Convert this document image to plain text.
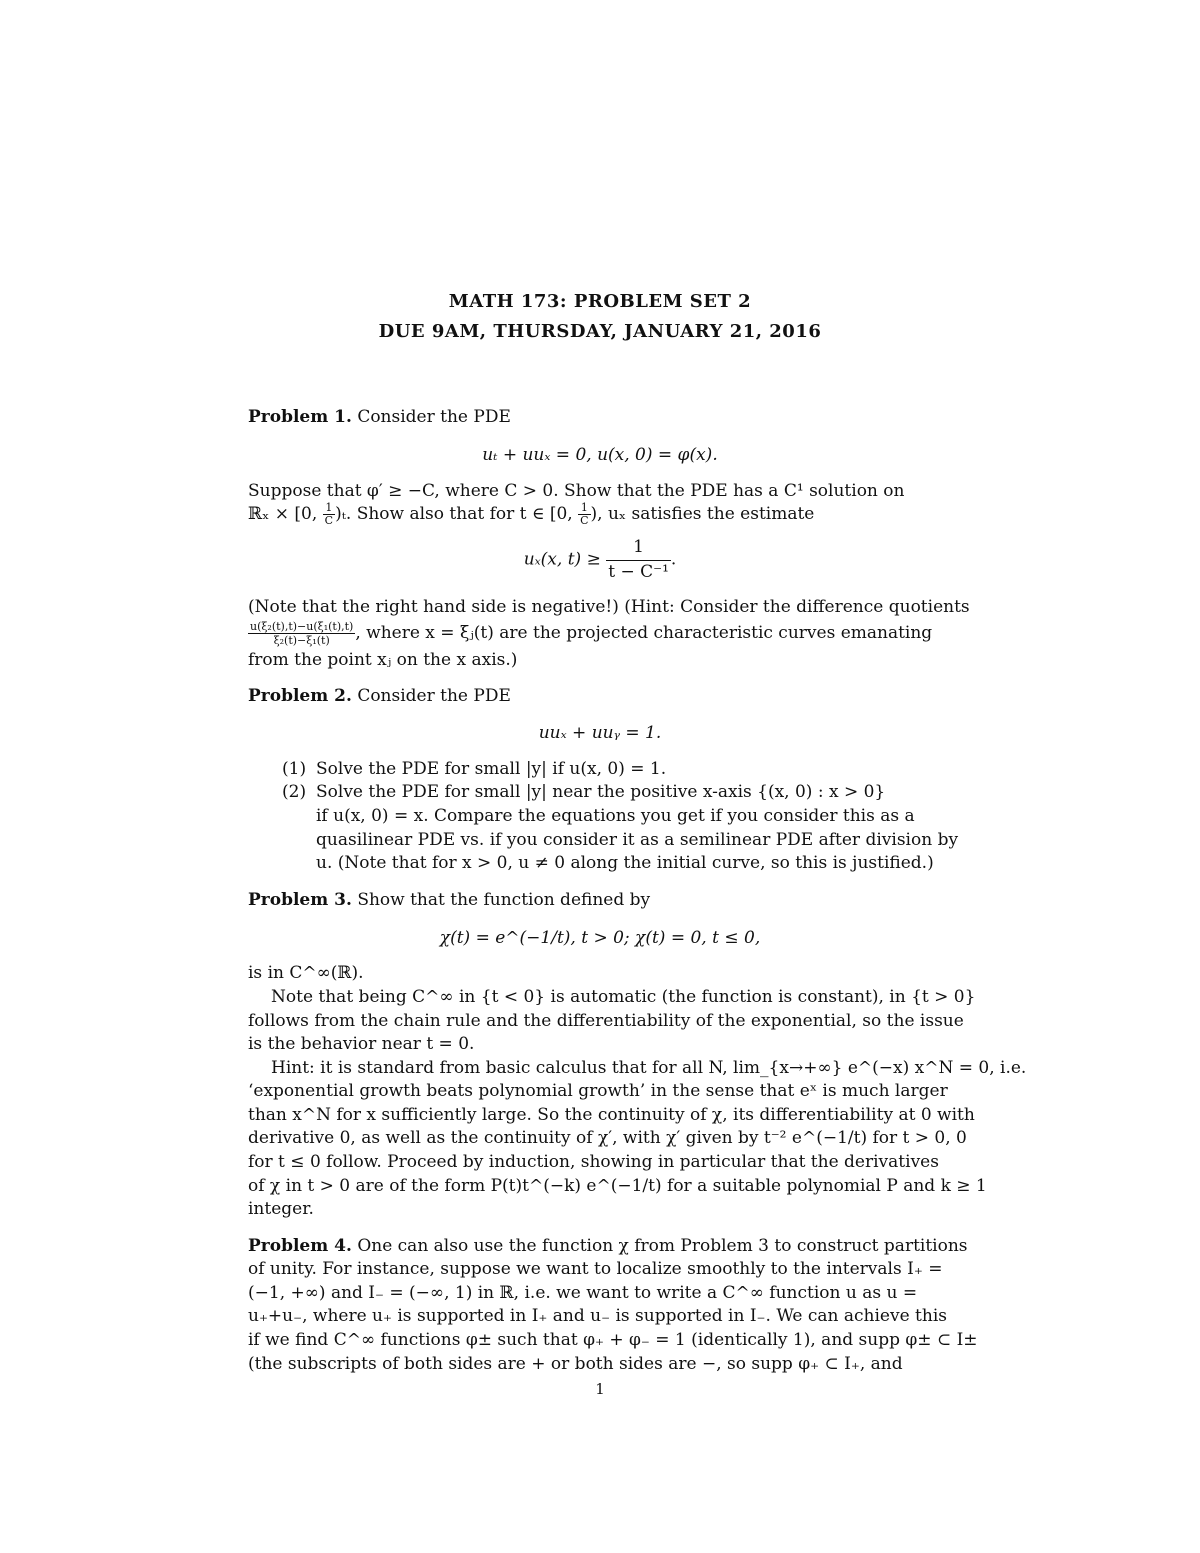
MATH 173: PROBLEM SET 2
DUE 9AM, THURSDAY, JANUARY 21, 2016
Problem 1. Consider the PDE
uₜ + uuₓ = 0, u(x, 0) = φ(x).
Suppose that φ′ ≥ −C, where C > 0. Show that the PDE has a C¹ solution on
ℝₓ × [0, $\frac{1}{C} )_t$. Show also that for t ∈ [0, $\frac{1}{C}$ ), uₓ satisfies the estimate
uₓ(x, $t) \ge \frac{1}{\text{t − C⁻¹}}$ .
(Note that the right hand side is negative!) (Hint: Consider the difference quotients
$\frac{\text{u(ξ₂(t),t)−u(ξ₁(t),t)}}{\text{ξ₂(t)−ξ₁(t)}}$ , where x = ξⱼ(t) are the projected characteristic curves emanating
from the point xⱼ on the x axis.)
Problem 2. Consider the PDE
uuₓ + uuᵧ = 1.
(1) Solve the PDE for small |y| if u(x, 0) = 1.
(2) Solve the PDE for small |y| near the positive x-axis {(x, 0) : x > 0}
if u(x, 0) = x. Compare the equations you get if you consider this as a
quasilinear PDE vs. if you consider it as a semilinear PDE after division by
u. (Note that for x > 0, u ≠ 0 along the initial curve, so this is justified.)
Problem 3. Show that the function defined by
χ(t) = e^(−1/t), t > 0; χ(t) = 0, t ≤ 0,
is in C^∞(ℝ).
Note that being C^∞ in {t < 0} is automatic (the function is constant), in {t > 0}
follows from the chain rule and the differentiability of the exponential, so the issue
is the behavior near t = 0.
Hint: it is standard from basic calculus that for all N, lim_{x→+∞} e^(−x) x^N = 0, i.e.
‘exponential growth beats polynomial growth’ in the sense that eˣ is much larger
than x^N for x sufficiently large. So the continuity of χ, its differentiability at 0 with
derivative 0, as well as the continuity of χ′, with χ′ given by t⁻² e^(−1/t) for t > 0, 0
for t ≤ 0 follow. Proceed by induction, showing in particular that the derivatives
of χ in t > 0 are of the form P(t)t^(−k) e^(−1/t) for a suitable polynomial P and k ≥ 1
integer.
Problem 4. One can also use the function χ from Problem 3 to construct partitions
of unity. For instance, suppose we want to localize smoothly to the intervals I₊ =
(−1, +∞) and I₋ = (−∞, 1) in ℝ, i.e. we want to write a C^∞ function u as u =
u₊+u₋, where u₊ is supported in I₊ and u₋ is supported in I₋. We can achieve this
if we find C^∞ functions φ± such that φ₊ + φ₋ = 1 (identically 1), and supp φ± ⊂ I±
(the subscripts of both sides are + or both sides are −, so supp φ₊ ⊂ I₊, and
1
